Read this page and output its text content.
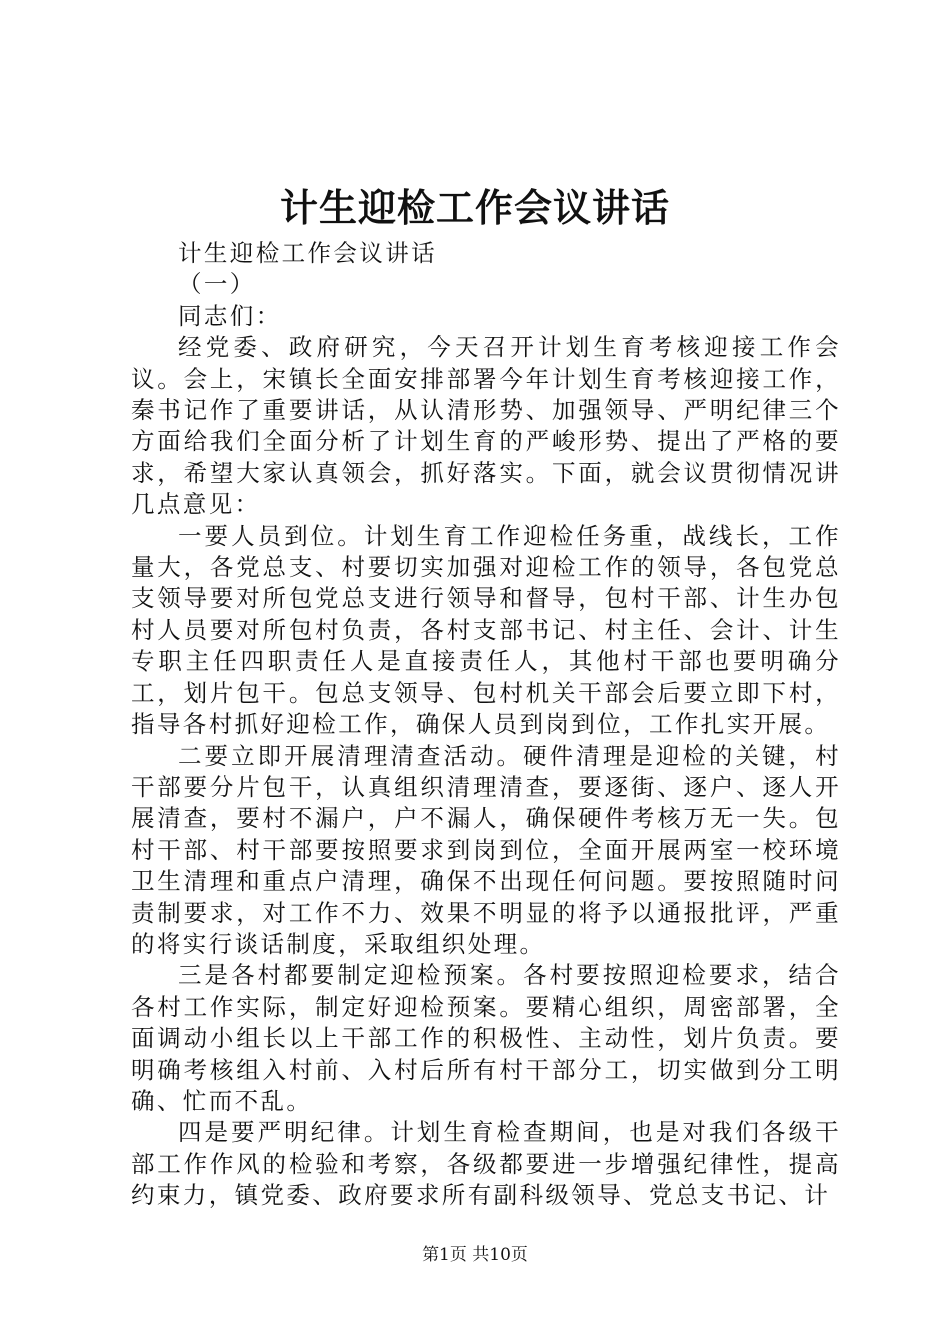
计生迎检工作会议讲话

计生迎检工作会议讲话

（一）

同志们：

经党委、政府研究，今天召开计划生育考核迎接工作会议。会上，宋镇长全面安排部署今年计划生育考核迎接工作，秦书记作了重要讲话，从认清形势、加强领导、严明纪律三个方面给我们全面分析了计划生育的严峻形势、提出了严格的要求，希望大家认真领会，抓好落实。下面，就会议贯彻情况讲几点意见：

一要人员到位。计划生育工作迎检任务重，战线长，工作量大，各党总支、村要切实加强对迎检工作的领导，各包党总支领导要对所包党总支进行领导和督导，包村干部、计生办包村人员要对所包村负责，各村支部书记、村主任、会计、计生专职主任四职责任人是直接责任人，其他村干部也要明确分工，划片包干。包总支领导、包村机关干部会后要立即下村，指导各村抓好迎检工作，确保人员到岗到位，工作扎实开展。

二要立即开展清理清查活动。硬件清理是迎检的关键，村干部要分片包干，认真组织清理清查，要逐街、逐户、逐人开展清查，要村不漏户，户不漏人，确保硬件考核万无一失。包村干部、村干部要按照要求到岗到位，全面开展两室一校环境卫生清理和重点户清理，确保不出现任何问题。要按照随时问责制要求，对工作不力、效果不明显的将予以通报批评，严重的将实行谈话制度，采取组织处理。

三是各村都要制定迎检预案。各村要按照迎检要求，结合各村工作实际，制定好迎检预案。要精心组织，周密部署，全面调动小组长以上干部工作的积极性、主动性，划片负责。要明确考核组入村前、入村后所有村干部分工，切实做到分工明确、忙而不乱。

四是要严明纪律。计划生育检查期间，也是对我们各级干部工作作风的检验和考察，各级都要进一步增强纪律性，提高约束力，镇党委、政府要求所有副科级领导、党总支书记、计

第1页 共10页
